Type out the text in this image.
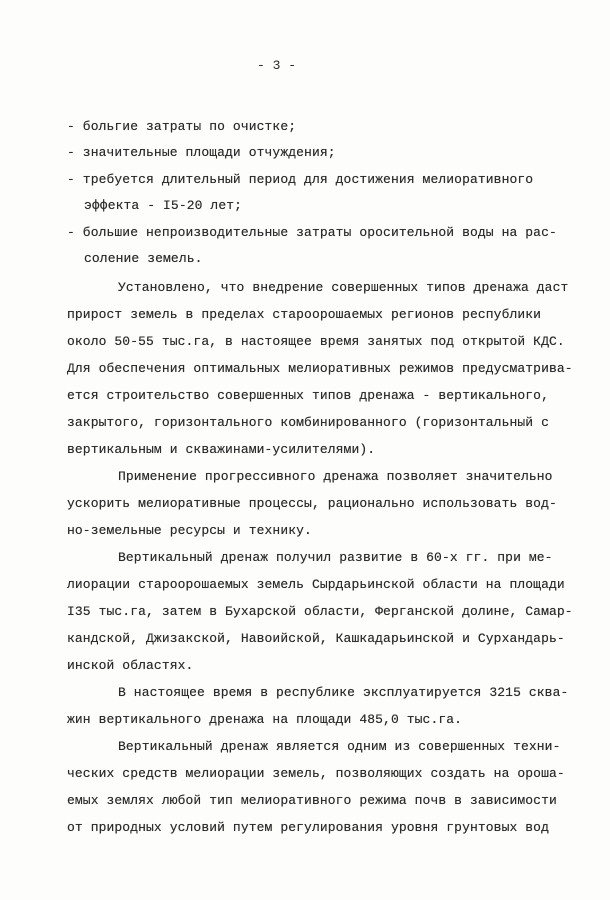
- 3 -
- больгие затраты по очистке;
- значительные площади отчуждения;
- требуется длительный период для достижения мелиоративного
эффекта - I5-20 лет;
- большие непроизводительные затраты оросительной воды на рас-
соление земель.
Установлено, что внедрение совершенных типов дренажа даст
прирост земель в пределах староорошаемых регионов республики
около 50-55 тыс.га, в настоящее время занятых под открытой КДС.
Для обеспечения оптимальных мелиоративных режимов предусматрива-
ется строительство совершенных типов дренажа - вертикального,
закрытого, горизонтального комбинированного (горизонтальный с
вертикальным и скважинами-усилителями).
Применение прогрессивного дренажа позволяет значительно
ускорить мелиоративные процессы, рационально использовать вод-
но-земельные ресурсы и технику.
Вертикальный дренаж получил развитие в 60-х гг. при ме-
лиорации староорошаемых земель Сырдарьинской области на площади
I35 тыс.га, затем в Бухарской области, Ферганской долине, Самар-
кандской, Джизакской, Навоийской, Кашкадарьинской и Сурхандарь-
инской областях.
В настоящее время в республике эксплуатируется 3215 сква-
жин вертикального дренажа на площади 485,0 тыс.га.
Вертикальный дренаж является одним из совершенных техни-
ческих средств мелиорации земель, позволяющих создать на ороша-
емых землях любой тип мелиоративного режима почв в зависимости
от природных условий путем регулирования уровня грунтовых вод
